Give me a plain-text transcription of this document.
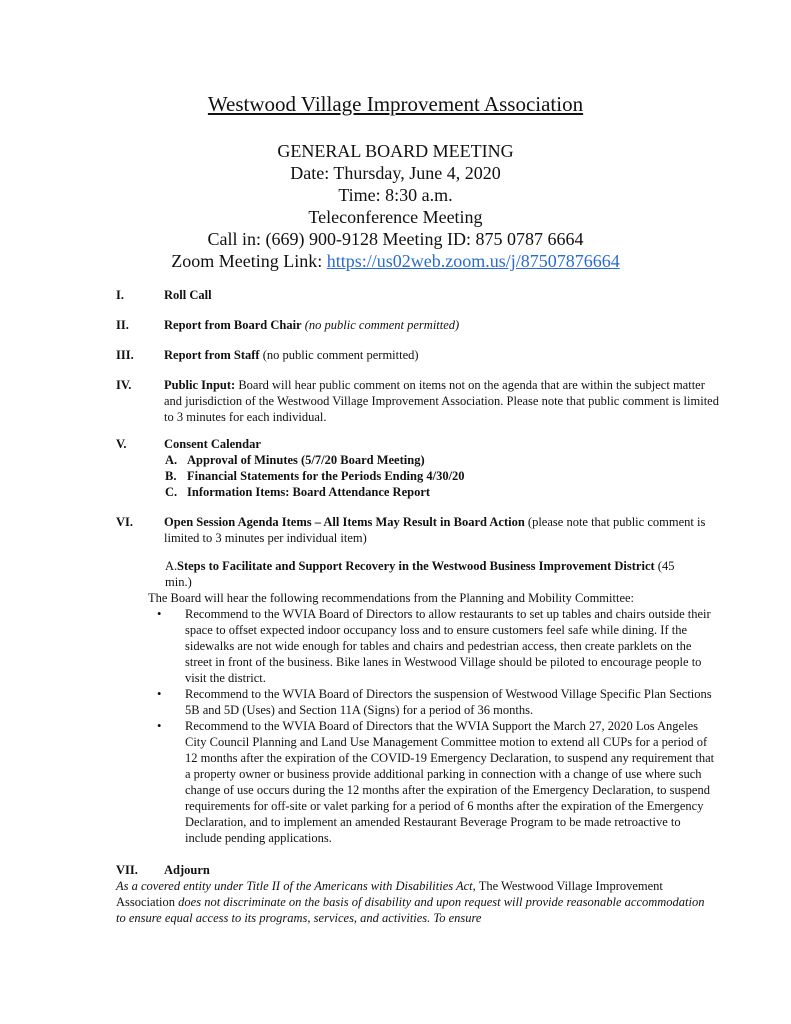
Westwood Village Improvement Association
GENERAL BOARD MEETING
Date: Thursday, June 4, 2020
Time: 8:30 a.m.
Teleconference Meeting
Call in: (669) 900-9128 Meeting ID: 875 0787 6664
Zoom Meeting Link: https://us02web.zoom.us/j/87507876664
I.	Roll Call
II.	Report from Board Chair (no public comment permitted)
III. Report from Staff (no public comment permitted)
IV.	Public Input: Board will hear public comment on items not on the agenda that are within the subject matter and jurisdiction of the Westwood Village Improvement Association. Please note that public comment is limited to 3 minutes for each individual.
V.	Consent Calendar
A. Approval of Minutes (5/7/20 Board Meeting)
B. Financial Statements for the Periods Ending 4/30/20
C. Information Items: Board Attendance Report
VI. Open Session Agenda Items – All Items May Result in Board Action (please note that public comment is limited to 3 minutes per individual item)
A.Steps to Facilitate and Support Recovery in the Westwood Business Improvement District (45 min.)
The Board will hear the following recommendations from the Planning and Mobility Committee:
• Recommend to the WVIA Board of Directors to allow restaurants to set up tables and chairs outside their space to offset expected indoor occupancy loss and to ensure customers feel safe while dining. If the sidewalks are not wide enough for tables and chairs and pedestrian access, then create parklets on the street in front of the business. Bike lanes in Westwood Village should be piloted to encourage people to visit the district.
• Recommend to the WVIA Board of Directors the suspension of Westwood Village Specific Plan Sections 5B and 5D (Uses) and Section 11A (Signs) for a period of 36 months.
• Recommend to the WVIA Board of Directors that the WVIA Support the March 27, 2020 Los Angeles City Council Planning and Land Use Management Committee motion to extend all CUPs for a period of 12 months after the expiration of the COVID-19 Emergency Declaration, to suspend any requirement that a property owner or business provide additional parking in connection with a change of use where such change of use occurs during the 12 months after the expiration of the Emergency Declaration, to suspend requirements for off-site or valet parking for a period of 6 months after the expiration of the Emergency Declaration, and to implement an amended Restaurant Beverage Program to be made retroactive to include pending applications.
VII. Adjourn
As a covered entity under Title II of the Americans with Disabilities Act, The Westwood Village Improvement Association does not discriminate on the basis of disability and upon request will provide reasonable accommodation to ensure equal access to its programs, services, and activities. To ensure
